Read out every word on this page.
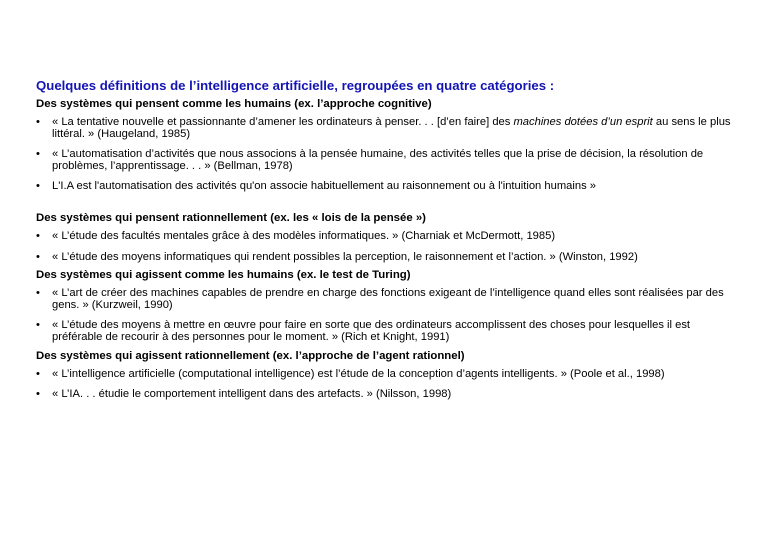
Quelques définitions de l’intelligence artificielle, regroupées en quatre catégories :
Des systèmes qui pensent comme les humains (ex. l’approche cognitive)
• « La tentative nouvelle et passionnante d’amener les ordinateurs à penser. . . [d’en faire] des machines dotées d’un esprit au sens le plus littéral. » (Haugeland, 1985)
• « L’automatisation d’activités que nous associons à la pensée humaine, des activités telles que la prise de décision, la résolution de problèmes, l’apprentissage. . . » (Bellman, 1978)
• L'I.A est l'automatisation des activités qu'on associe habituellement au raisonnement ou à l'intuition humains »
Des systèmes qui pensent rationnellement (ex. les « lois de la pensée »)
• « L’étude des facultés mentales grâce à des modèles informatiques. » (Charniak et McDermott, 1985)
• « L’étude des moyens informatiques qui rendent possibles la perception, le raisonnement et l’action. » (Winston, 1992)
Des systèmes qui agissent comme les humains (ex. le test de Turing)
• « L’art de créer des machines capables de prendre en charge des fonctions exigeant de l’intelligence quand elles sont réalisées par des gens. » (Kurzweil, 1990)
• « L’étude des moyens à mettre en œuvre pour faire en sorte que des ordinateurs accomplissent des choses pour lesquelles il est préférable de recourir à des personnes pour le moment. » (Rich et Knight, 1991)
Des systèmes qui agissent rationnellement (ex. l’approche de l’agent rationnel)
• « L’intelligence artificielle (computational intelligence) est l’étude de la conception d’agents intelligents. » (Poole et al., 1998)
• « L’IA. . . étudie le comportement intelligent dans des artefacts. » (Nilsson, 1998)
